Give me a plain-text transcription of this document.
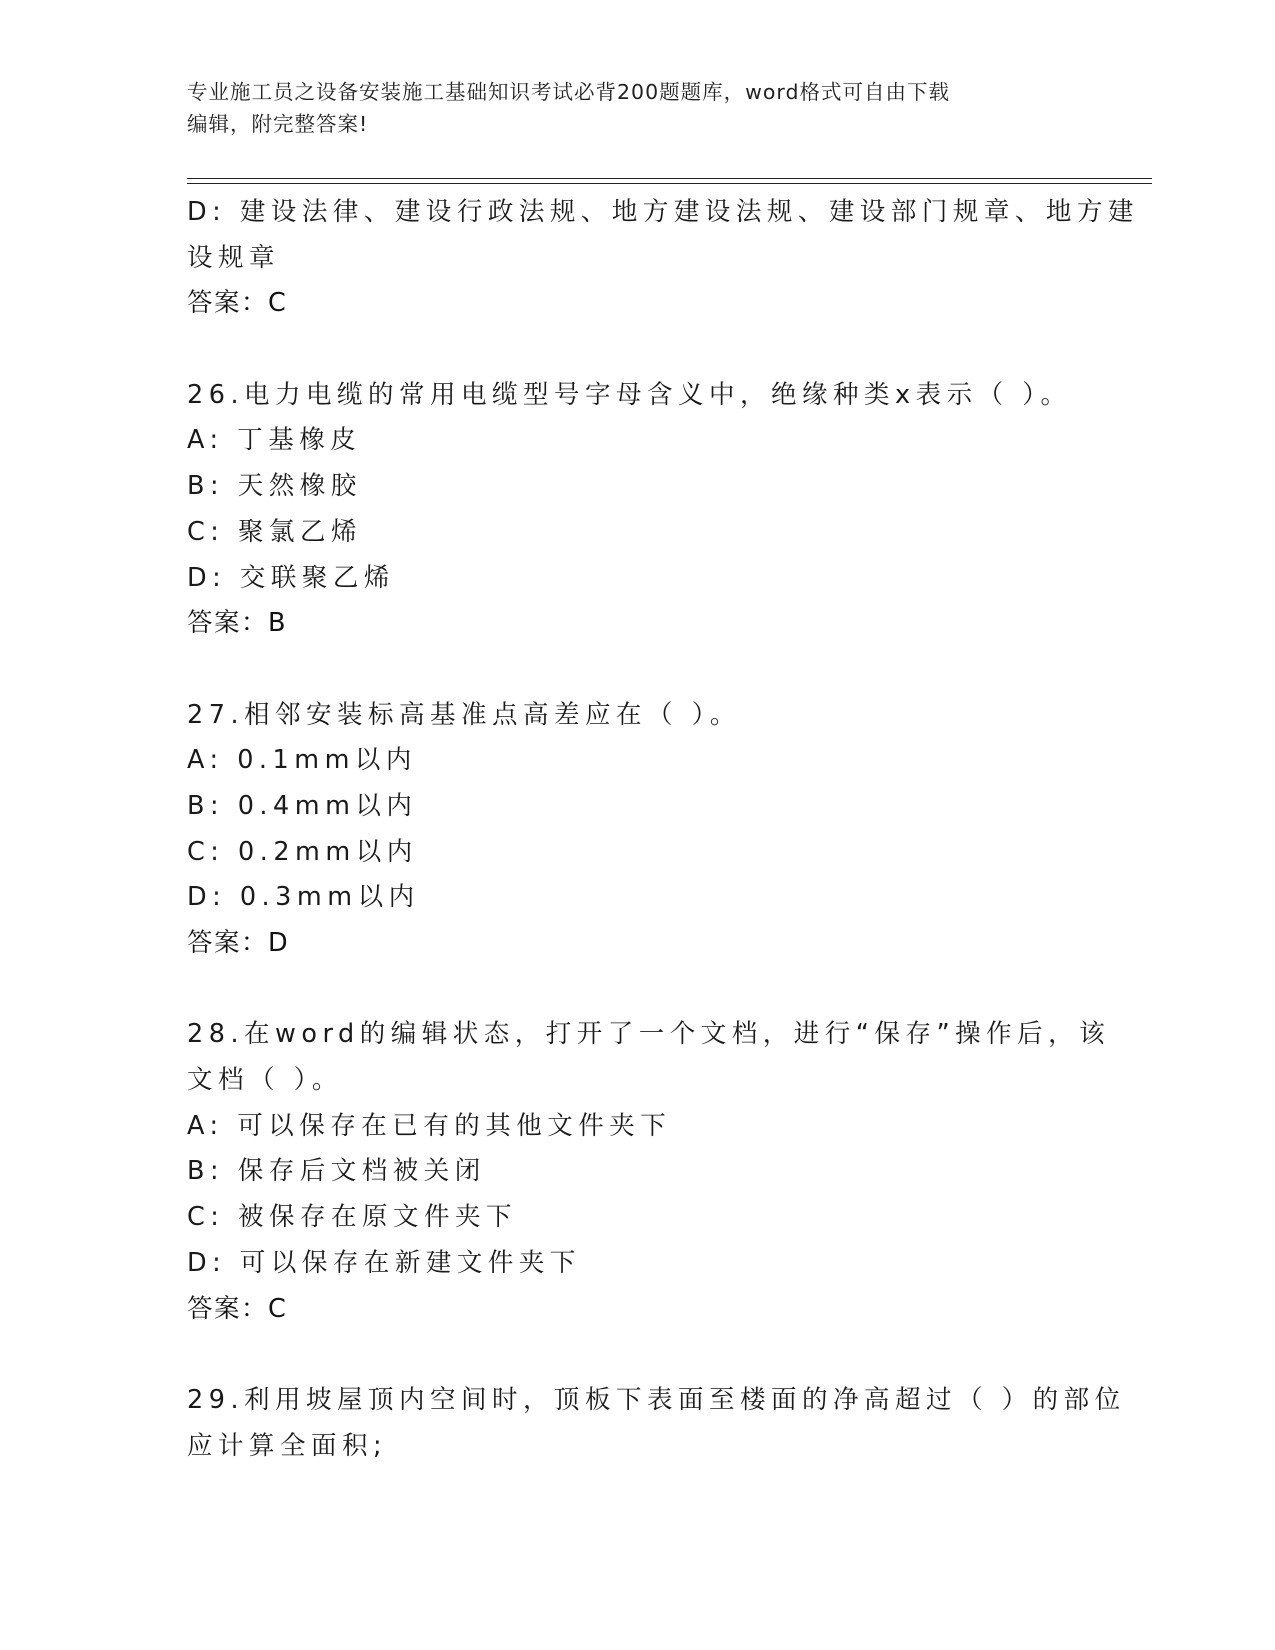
专业施工员之设备安装施工基础知识考试必背200题题库，word格式可自由下载
编辑，附完整答案!
D: 建设法律、建设行政法规、地方建设法规、建设部门规章、地方建
设规章
答案：C
26.电力电缆的常用电缆型号字母含义中，绝缘种类x表示（ ）。
A: 丁基橡皮
B: 天然橡胶
C: 聚氯乙烯
D: 交联聚乙烯
答案：B
27.相邻安装标高基准点高差应在（ ）。
A: 0.1mm以内
B: 0.4mm以内
C: 0.2mm以内
D: 0.3mm以内
答案：D
28.在word的编辑状态，打开了一个文档，进行“保存”操作后，该
文档（ ）。
A: 可以保存在已有的其他文件夹下
B: 保存后文档被关闭
C: 被保存在原文件夹下
D: 可以保存在新建文件夹下
答案：C
29.利用坡屋顶内空间时，顶板下表面至楼面的净高超过（ ）的部位
应计算全面积;
